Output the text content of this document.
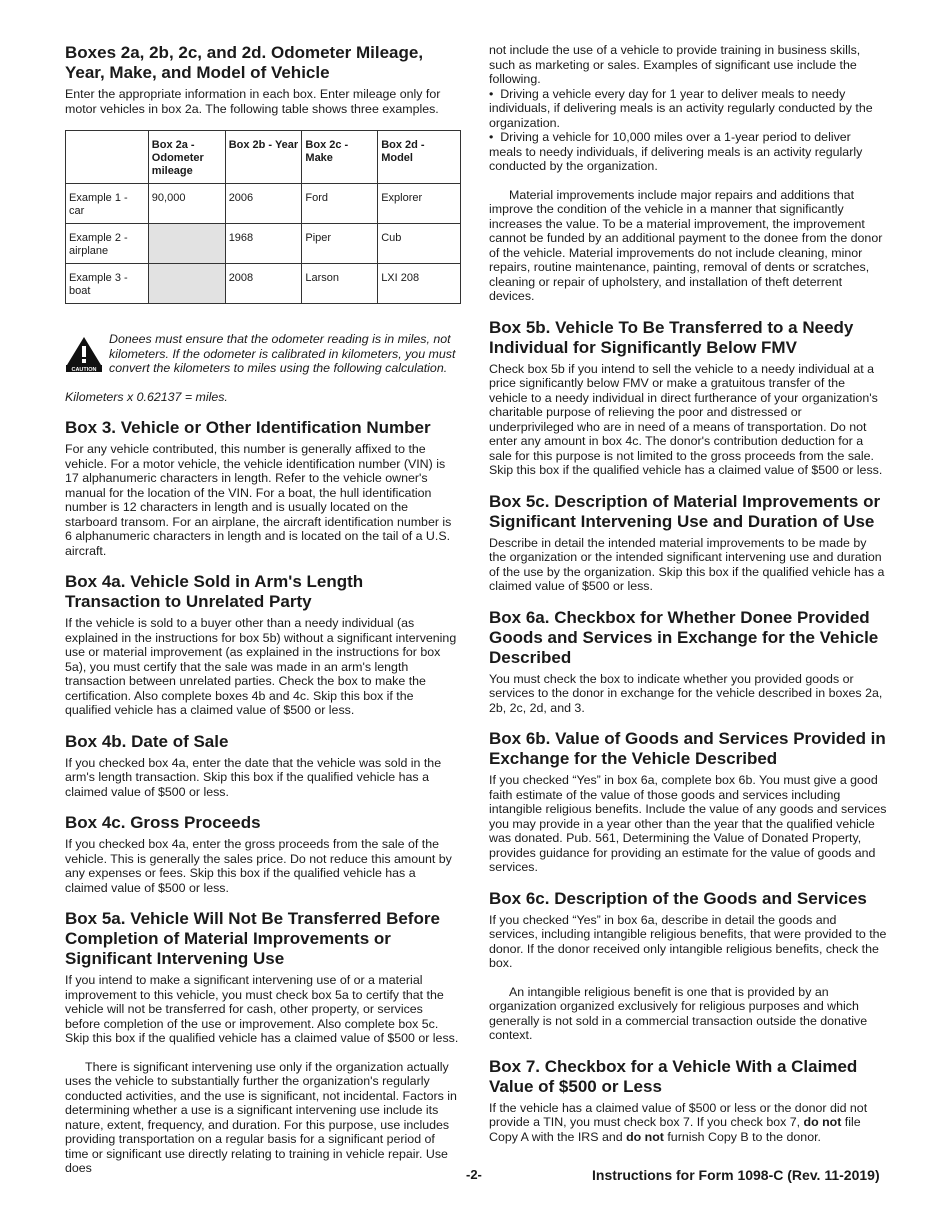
Boxes 2a, 2b, 2c, and 2d. Odometer Mileage, Year, Make, and Model of Vehicle

Enter the appropriate information in each box. Enter mileage only for motor vehicles in box 2a. The following table shows three examples.

	Box 2a - Odometer mileage	Box 2b - Year	Box 2c - Make	Box 2d - Model
Example 1 - car	90,000	2006	Ford	Explorer
Example 2 - airplane		1968	Piper	Cub
Example 3 - boat		2008	Larson	LXI 208
CAUTION

Donees must ensure that the odometer reading is in miles, not kilometers. If the odometer is calibrated in kilometers, you must convert the kilometers to miles using the following calculation.

Kilometers x 0.62137 = miles.

Box 3. Vehicle or Other Identification Number

For any vehicle contributed, this number is generally affixed to the vehicle. For a motor vehicle, the vehicle identification number (VIN) is 17 alphanumeric characters in length. Refer to the vehicle owner's manual for the location of the VIN. For a boat, the hull identification number is 12 characters in length and is usually located on the starboard transom. For an airplane, the aircraft identification number is 6 alphanumeric characters in length and is located on the tail of a U.S. aircraft.

Box 4a. Vehicle Sold in Arm's Length Transaction to Unrelated Party

If the vehicle is sold to a buyer other than a needy individual (as explained in the instructions for box 5b) without a significant intervening use or material improvement (as explained in the instructions for box 5a), you must certify that the sale was made in an arm's length transaction between unrelated parties. Check the box to make the certification. Also complete boxes 4b and 4c. Skip this box if the qualified vehicle has a claimed value of $500 or less.

Box 4b. Date of Sale

If you checked box 4a, enter the date that the vehicle was sold in the arm's length transaction. Skip this box if the qualified vehicle has a claimed value of $500 or less.

Box 4c. Gross Proceeds

If you checked box 4a, enter the gross proceeds from the sale of the vehicle. This is generally the sales price. Do not reduce this amount by any expenses or fees. Skip this box if the qualified vehicle has a claimed value of $500 or less.

Box 5a. Vehicle Will Not Be Transferred Before Completion of Material Improvements or Significant Intervening Use

If you intend to make a significant intervening use of or a material improvement to this vehicle, you must check box 5a to certify that the vehicle will not be transferred for cash, other property, or services before completion of the use or improvement. Also complete box 5c. Skip this box if the qualified vehicle has a claimed value of $500 or less.

There is significant intervening use only if the organization actually uses the vehicle to substantially further the organization's regularly conducted activities, and the use is significant, not incidental. Factors in determining whether a use is a significant intervening use include its nature, extent, frequency, and duration. For this purpose, use includes providing transportation on a regular basis for a significant period of time or significant use directly relating to training in vehicle repair. Use does

not include the use of a vehicle to provide training in business skills, such as marketing or sales. Examples of significant use include the following.

•  Driving a vehicle every day for 1 year to deliver meals to needy individuals, if delivering meals is an activity regularly conducted by the organization.

•  Driving a vehicle for 10,000 miles over a 1-year period to deliver meals to needy individuals, if delivering meals is an activity regularly conducted by the organization.

Material improvements include major repairs and additions that improve the condition of the vehicle in a manner that significantly increases the value. To be a material improvement, the improvement cannot be funded by an additional payment to the donee from the donor of the vehicle. Material improvements do not include cleaning, minor repairs, routine maintenance, painting, removal of dents or scratches, cleaning or repair of upholstery, and installation of theft deterrent devices.

Box 5b. Vehicle To Be Transferred to a Needy Individual for Significantly Below FMV

Check box 5b if you intend to sell the vehicle to a needy individual at a price significantly below FMV or make a gratuitous transfer of the vehicle to a needy individual in direct furtherance of your organization's charitable purpose of relieving the poor and distressed or underprivileged who are in need of a means of transportation. Do not enter any amount in box 4c. The donor's contribution deduction for a sale for this purpose is not limited to the gross proceeds from the sale. Skip this box if the qualified vehicle has a claimed value of $500 or less.

Box 5c. Description of Material Improvements or Significant Intervening Use and Duration of Use

Describe in detail the intended material improvements to be made by the organization or the intended significant intervening use and duration of the use by the organization. Skip this box if the qualified vehicle has a claimed value of $500 or less.

Box 6a. Checkbox for Whether Donee Provided Goods and Services in Exchange for the Vehicle Described

You must check the box to indicate whether you provided goods or services to the donor in exchange for the vehicle described in boxes 2a, 2b, 2c, 2d, and 3.

Box 6b. Value of Goods and Services Provided in Exchange for the Vehicle Described

If you checked “Yes” in box 6a, complete box 6b. You must give a good faith estimate of the value of those goods and services including intangible religious benefits. Include the value of any goods and services you may provide in a year other than the year that the qualified vehicle was donated. Pub. 561, Determining the Value of Donated Property, provides guidance for providing an estimate for the value of goods and services.

Box 6c. Description of the Goods and Services

If you checked “Yes” in box 6a, describe in detail the goods and services, including intangible religious benefits, that were provided to the donor. If the donor received only intangible religious benefits, check the box.

An intangible religious benefit is one that is provided by an organization organized exclusively for religious purposes and which generally is not sold in a commercial transaction outside the donative context.

Box 7. Checkbox for a Vehicle With a Claimed Value of $500 or Less

If the vehicle has a claimed value of $500 or less or the donor did not provide a TIN, you must check box 7. If you check box 7, do not file Copy A with the IRS and do not furnish Copy B to the donor.

-2-	Instructions for Form 1098-C (Rev. 11-2019)
